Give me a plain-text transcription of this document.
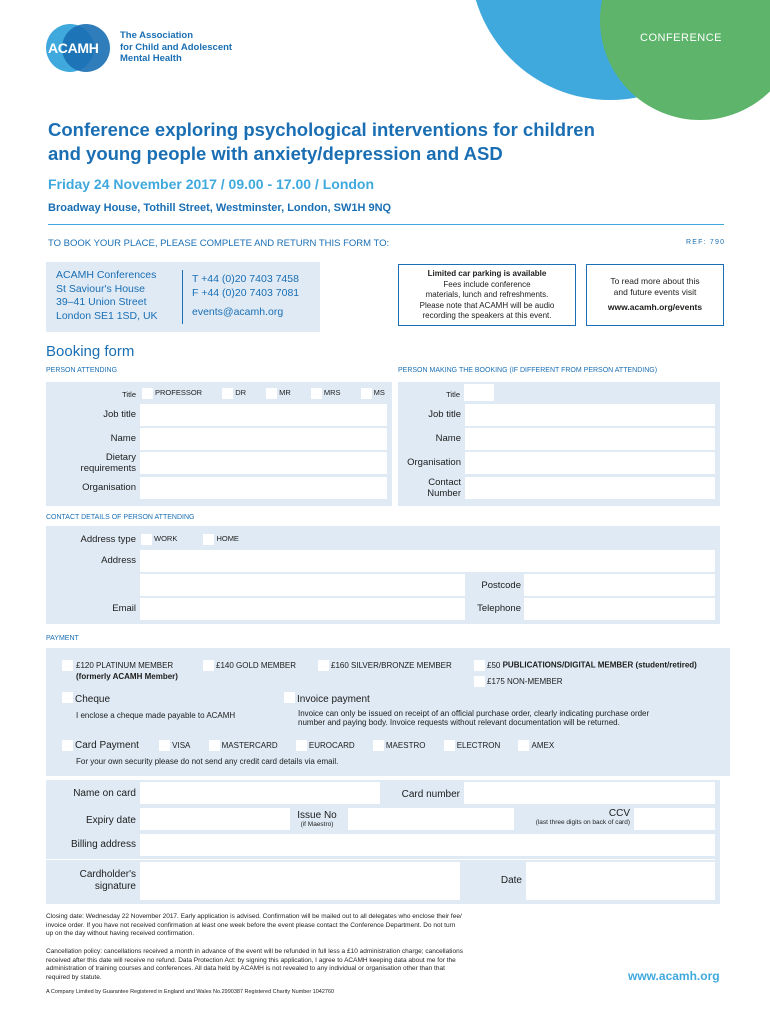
CONFERENCE
ACAMH
The Association
for Child and Adolescent
Mental Health
Conference exploring psychological interventions for children
and young people with anxiety/depression and ASD
Friday 24 November 2017 / 09.00 - 17.00 / London
Broadway House, Tothill Street, Westminster, London, SW1H 9NQ
TO BOOK YOUR PLACE, PLEASE COMPLETE AND RETURN THIS FORM TO:	REF: 790
ACAMH Conferences
St Saviour's House
39–41 Union Street
London SE1 1SD, UK
T +44 (0)20 7403 7458
F +44 (0)20 7403 7081
events@acamh.org
Limited car parking is available
Fees include conference
materials, lunch and refreshments.
Please note that ACAMH will be audio
recording the speakers at this event.
To read more about this
and future events visit
www.acamh.org/events
Booking form
PERSON ATTENDING	PERSON MAKING THE BOOKING (IF DIFFERENT FROM PERSON ATTENDING)
Title	PROFESSOR	DR	MR	MRS	MS
Job title
Name
Dietary
requirements
Organisation
Title
Job title
Name
Organisation
Contact
Number
CONTACT DETAILS OF PERSON ATTENDING
Address type	WORK	HOME
Address
Postcode
Email	Telephone
PAYMENT
£120 PLATINUM MEMBER
(formerly ACAMH Member)
£140 GOLD MEMBER	£160 SILVER/BRONZE MEMBER	£50 PUBLICATIONS/DIGITAL MEMBER (student/retired)
£175 NON-MEMBER
Cheque
I enclose a cheque made payable to ACAMH
Invoice payment
Invoice can only be issued on receipt of an official purchase order, clearly indicating purchase order
number and paying body. Invoice requests without relevant documentation will be returned.
Card Payment	VISA	MASTERCARD	EUROCARD	MAESTRO	ELECTRON	AMEX
For your own security please do not send any credit card details via email.
Name on card	Card number
Expiry date	Issue No
(if Maestro)
CCV
(last three digits on back of card)
Billing address
Cardholder's
signature
Date
Closing date: Wednesday 22 November 2017. Early application is advised. Confirmation will be mailed out to all delegates who enclose their fee/
invoice order. If you have not received confirmation at least one week before the event please contact the Conference Department. Do not turn
up on the day without having received confirmation.
Cancellation policy: cancellations received a month in advance of the event will be refunded in full less a £10 administration charge; cancellations
received after this date will receive no refund. Data Protection Act: by signing this application, I agree to ACAMH keeping data about me for the
administration of training courses and conferences. All data held by ACAMH is not revealed to any individual or organisation other than that
required by statute.
A Company Limited by Guarantee Registered in England and Wales No.2990387 Registered Charity Number 1042760
www.acamh.org
